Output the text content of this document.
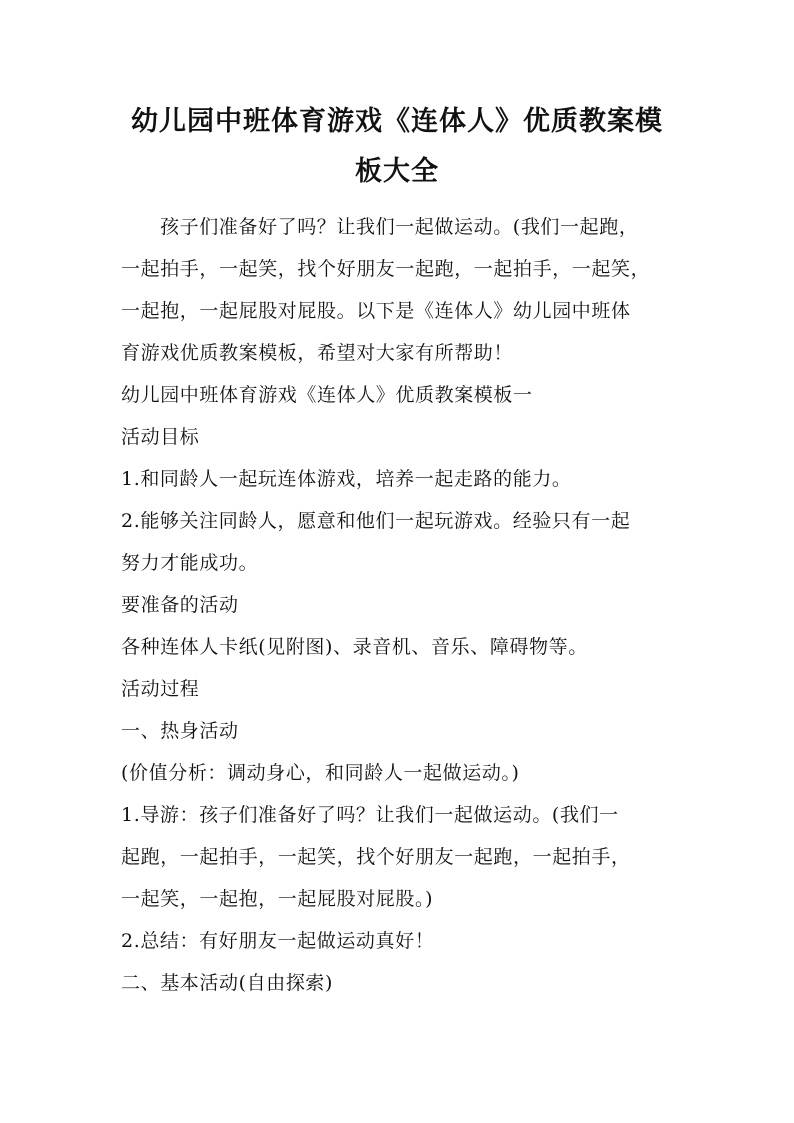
幼儿园中班体育游戏《连体人》优质教案模
板大全
孩子们准备好了吗？让我们一起做运动。(我们一起跑，
一起拍手，一起笑，找个好朋友一起跑，一起拍手，一起笑，
一起抱，一起屁股对屁股。以下是《连体人》幼儿园中班体
育游戏优质教案模板，希望对大家有所帮助！
幼儿园中班体育游戏《连体人》优质教案模板一
活动目标
1.和同龄人一起玩连体游戏，培养一起走路的能力。
2.能够关注同龄人，愿意和他们一起玩游戏。经验只有一起
努力才能成功。
要准备的活动
各种连体人卡纸(见附图)、录音机、音乐、障碍物等。
活动过程
一、热身活动
(价值分析：调动身心，和同龄人一起做运动。)
1.导游：孩子们准备好了吗？让我们一起做运动。(我们一
起跑，一起拍手，一起笑，找个好朋友一起跑，一起拍手，
一起笑，一起抱，一起屁股对屁股。)
2.总结：有好朋友一起做运动真好！
二、基本活动(自由探索)
